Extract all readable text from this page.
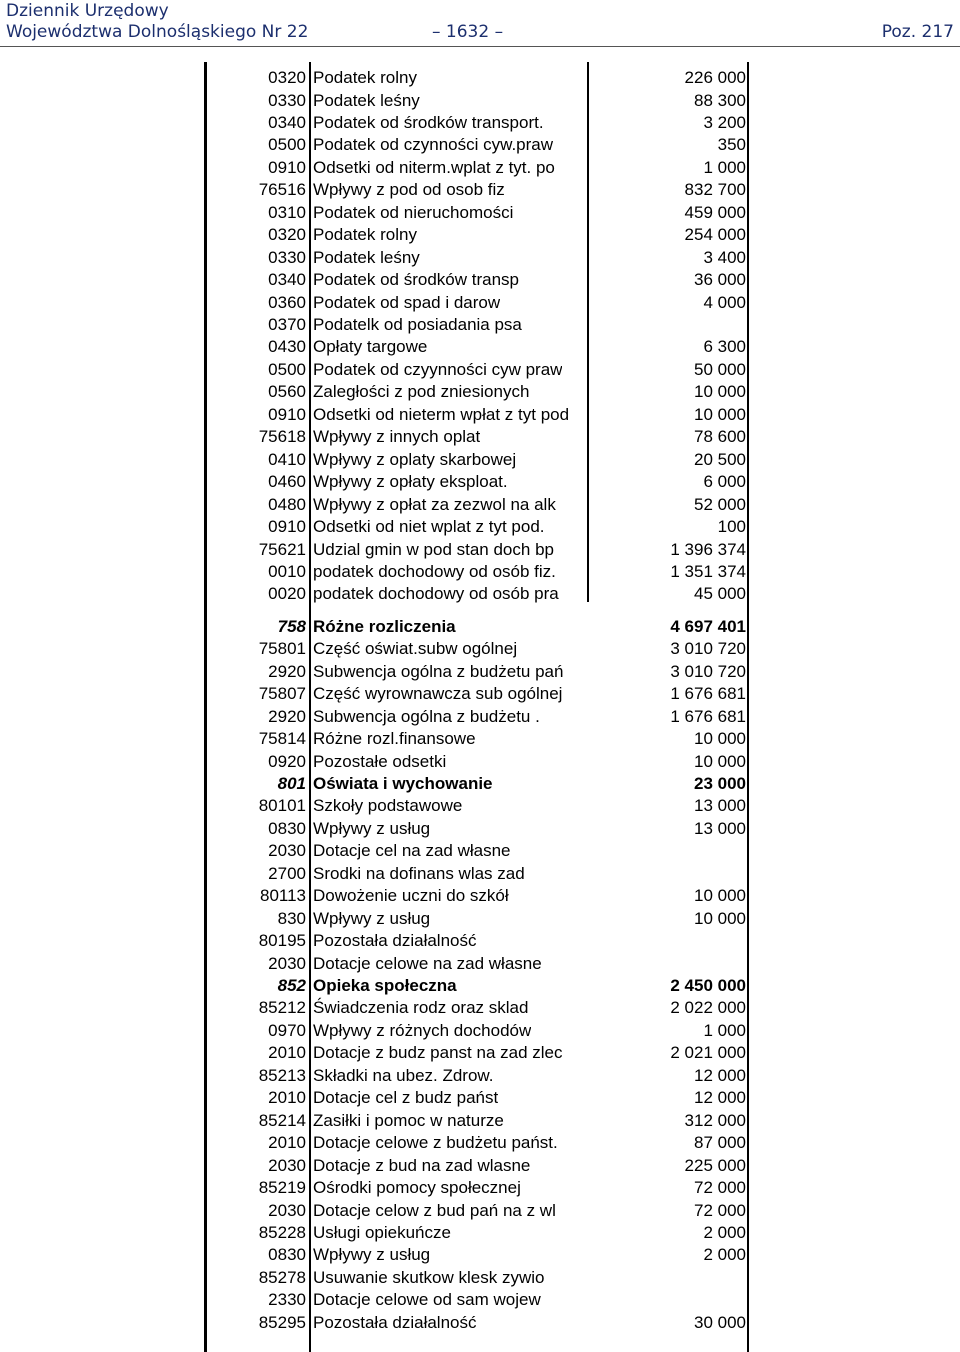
Dziennik Urzędowy
Województwa Dolnośląskiego Nr 22	– 1632 –	Poz. 217
0320 Podatek rolny	226 000
0330 Podatek leśny	88 300
0340 Podatek od środków transport.	3 200
0500 Podatek od czynności cyw.praw	350
0910 Odsetki od niterm.wplat z tyt. po	1 000
76516 Wpływy z pod od osob fiz	832 700
0310 Podatek od nieruchomości	459 000
0320 Podatek rolny	254 000
0330 Podatek leśny	3 400
0340 Podatek od środków transp	36 000
0360 Podatek od spad i darow	4 000
0370 Podatelk od posiadania psa
0430 Opłaty targowe	6 300
0500 Podatek od czyynności cyw praw	50 000
0560 Zaległości z pod zniesionych	10 000
0910 Odsetki od nieterm wpłat z tyt pod	10 000
75618 Wpływy z innych oplat	78 600
0410 Wpływy z oplaty skarbowej	20 500
0460 Wpływy z opłaty eksploat.	6 000
0480 Wpływy z opłat za zezwol na alk	52 000
0910 Odsetki od niet wplat z tyt pod.	100
75621 Udzial gmin w pod stan doch bp	1 396 374
0010 podatek dochodowy od osób fiz.	1 351 374
0020 podatek dochodowy od osób pra	45 000
758 Różne rozliczenia	4 697 401
75801 Część oświat.subw ogólnej	3 010 720
2920 Subwencja ogólna z budżetu pań	3 010 720
75807 Część wyrownawcza sub ogólnej	1 676 681
2920 Subwencja ogólna z budżetu .	1 676 681
75814 Różne rozl.finansowe	10 000
0920 Pozostałe odsetki	10 000
801 Oświata i wychowanie	23 000
80101 Szkoły podstawowe	13 000
0830 Wpływy z usług	13 000
2030 Dotacje cel na zad własne
2700 Srodki na dofinans wlas zad
80113 Dowożenie uczni do szkół	10 000
830 Wpływy z usług	10 000
80195 Pozostała działalność
2030 Dotacje celowe na zad własne
852 Opieka społeczna	2 450 000
85212 Świadczenia rodz oraz sklad	2 022 000
0970 Wpływy z różnych dochodów	1 000
2010 Dotacje z budz panst na zad zlec	2 021 000
85213 Składki na ubez. Zdrow.	12 000
2010 Dotacje cel z budz państ	12 000
85214 Zasiłki i pomoc w naturze	312 000
2010 Dotacje celowe z budżetu państ.	87 000
2030 Dotacje z bud na zad wlasne	225 000
85219 Ośrodki pomocy społecznej	72 000
2030 Dotacje celow z bud pań na z wl	72 000
85228 Usługi opiekuńcze	2 000
0830 Wpływy z usług	2 000
85278 Usuwanie skutkow klesk zywio
2330 Dotacje celowe od sam wojew
85295 Pozostała działalność	30 000
